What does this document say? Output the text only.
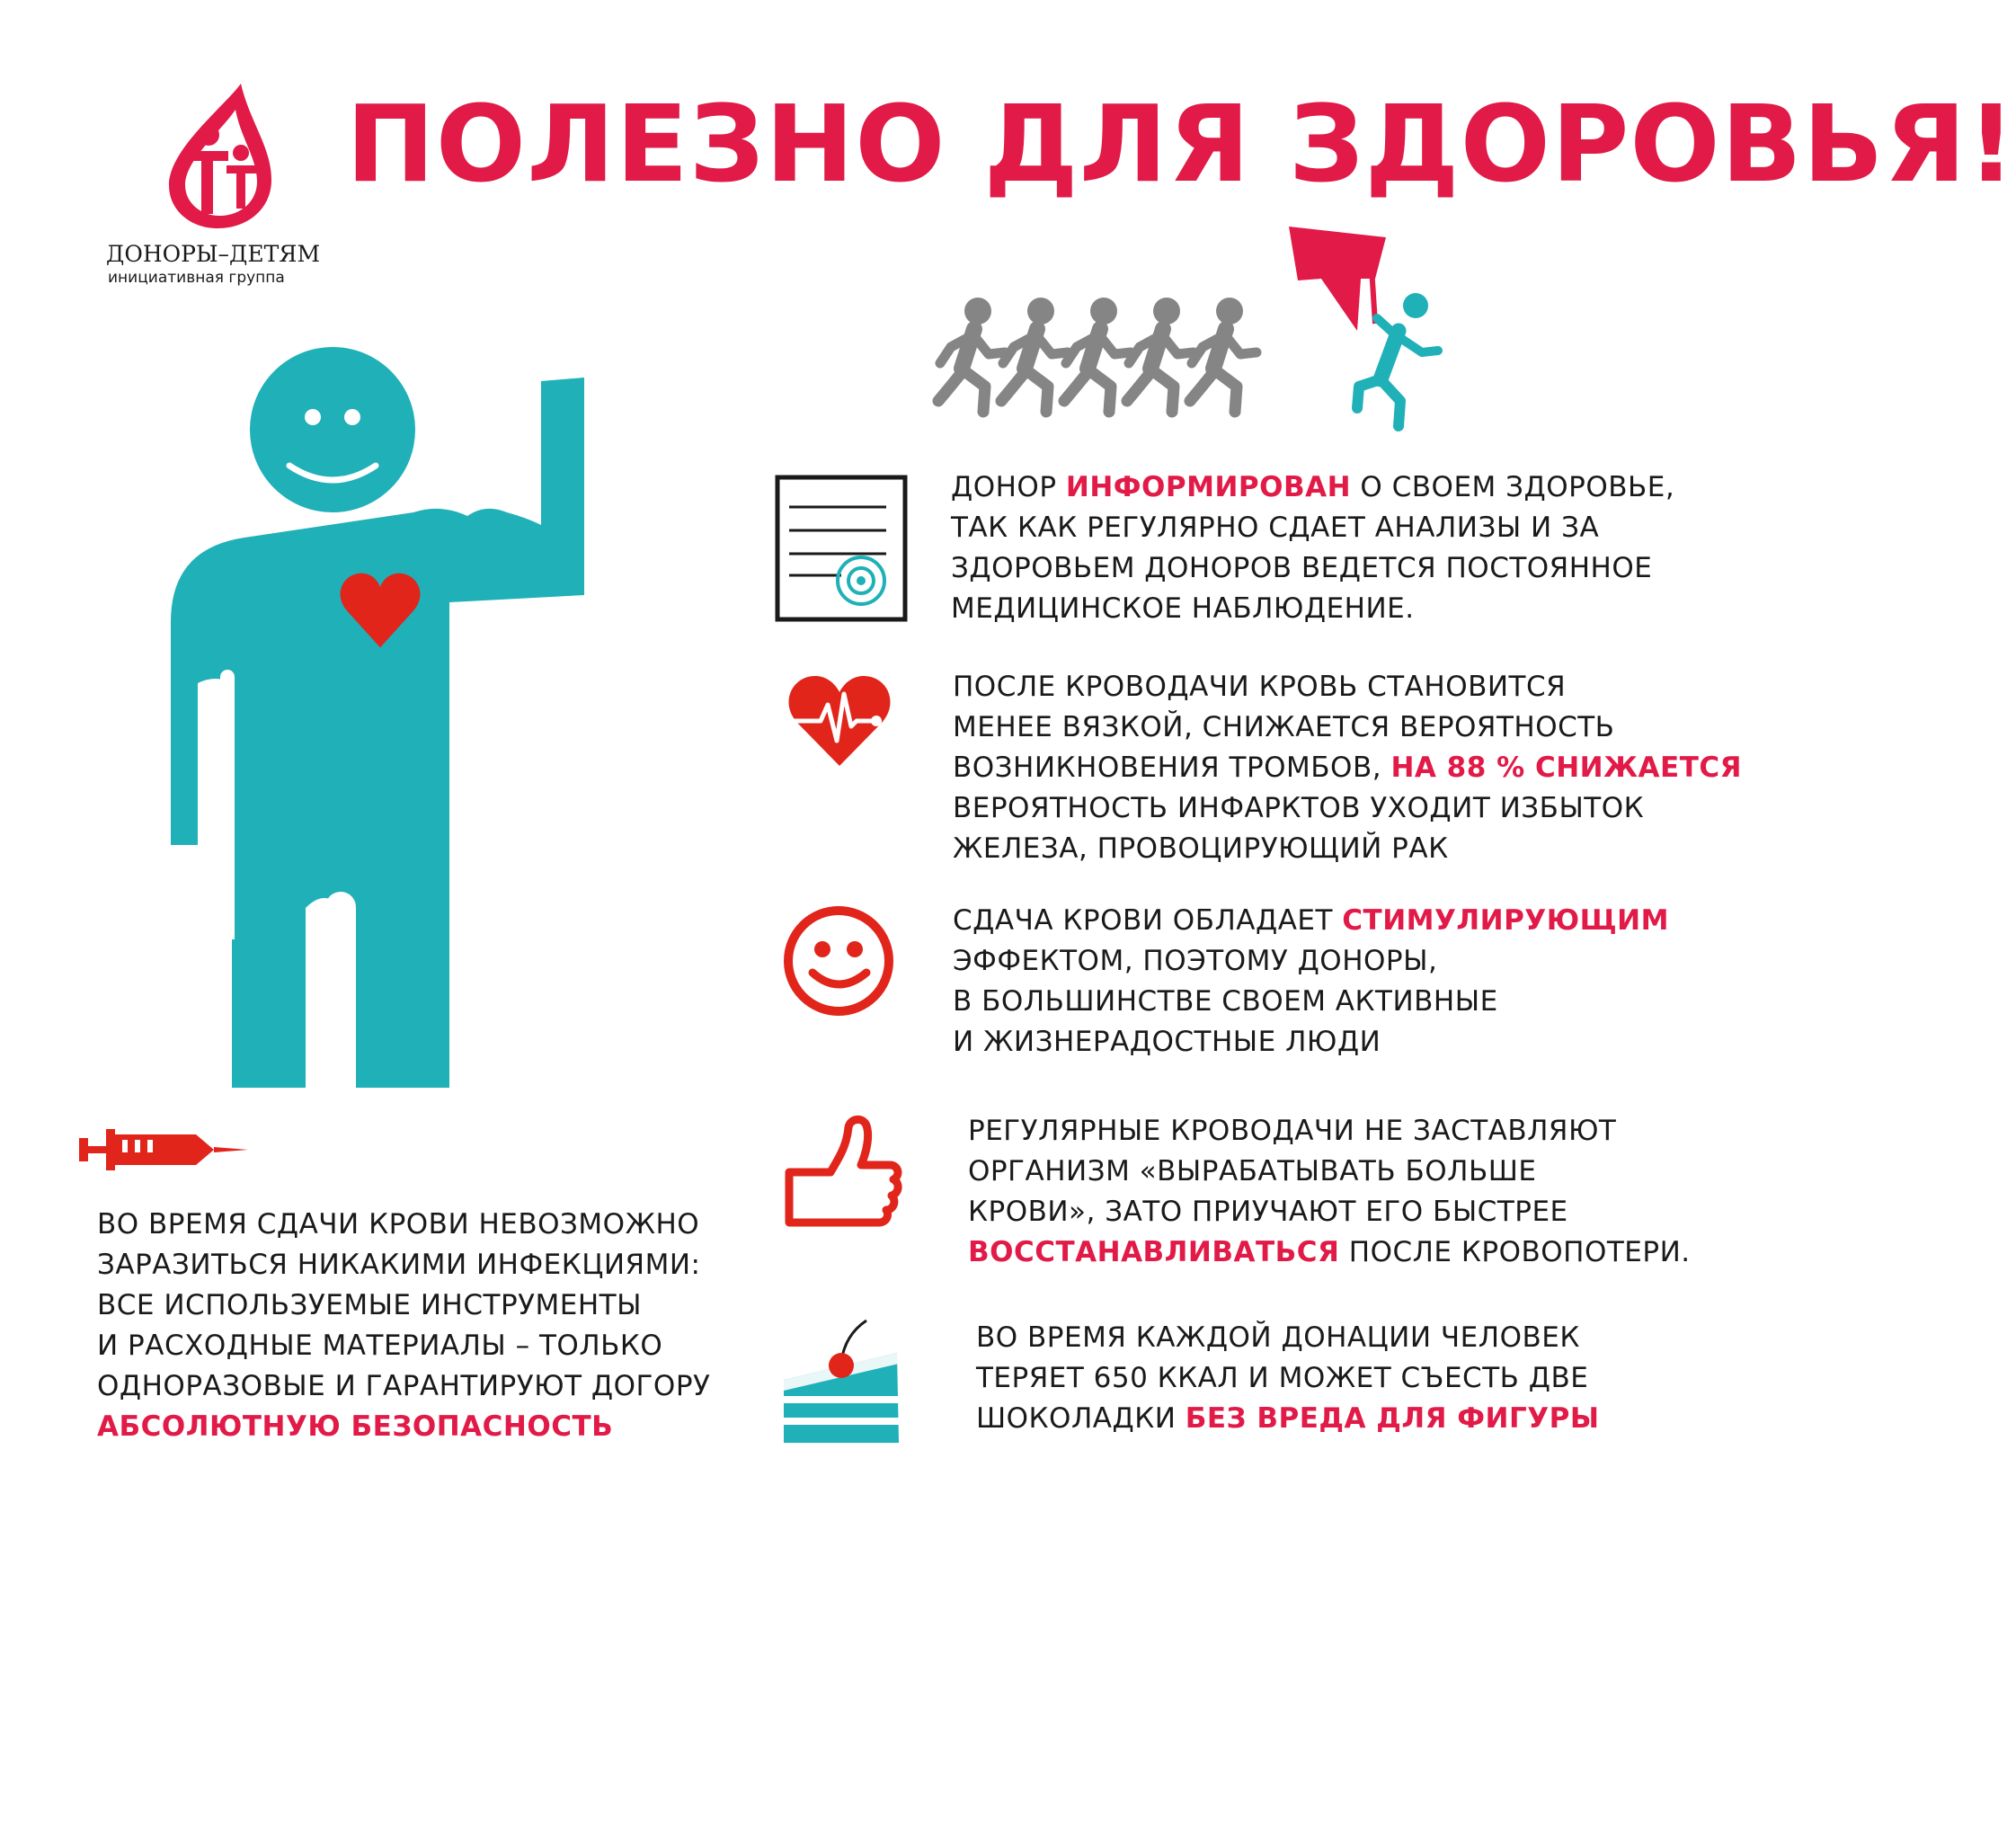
ДОНОРЫ–ДЕТЯМ
инициативная группа
ПОЛЕЗНО ДЛЯ ЗДОРОВЬЯ!
ДОНОР ИНФОРМИРОВАН О СВОЕМ ЗДОРОВЬЕ,
ТАК КАК РЕГУЛЯРНО СДАЕТ АНАЛИЗЫ И ЗА
ЗДОРОВЬЕМ ДОНОРОВ ВЕДЕТСЯ ПОСТОЯННОЕ
МЕДИЦИНСКОЕ НАБЛЮДЕНИЕ.
ПОСЛЕ КРОВОДАЧИ КРОВЬ СТАНОВИТСЯ
МЕНЕЕ ВЯЗКОЙ, СНИЖАЕТСЯ ВЕРОЯТНОСТЬ
ВОЗНИКНОВЕНИЯ ТРОМБОВ, НА 88 % СНИЖАЕТСЯ
ВЕРОЯТНОСТЬ ИНФАРКТОВ УХОДИТ ИЗБЫТОК
ЖЕЛЕЗА, ПРОВОЦИРУЮЩИЙ РАК
СДАЧА КРОВИ ОБЛАДАЕТ СТИМУЛИРУЮЩИМ
ЭФФЕКТОМ, ПОЭТОМУ ДОНОРЫ,
В БОЛЬШИНСТВЕ СВОЕМ АКТИВНЫЕ
И ЖИЗНЕРАДОСТНЫЕ ЛЮДИ
РЕГУЛЯРНЫЕ КРОВОДАЧИ НЕ ЗАСТАВЛЯЮТ
ОРГАНИЗМ «ВЫРАБАТЫВАТЬ БОЛЬШЕ
КРОВИ», ЗАТО ПРИУЧАЮТ ЕГО БЫСТРЕЕ
ВОССТАНАВЛИВАТЬСЯ ПОСЛЕ КРОВОПОТЕРИ.
ВО ВРЕМЯ КАЖДОЙ ДОНАЦИИ ЧЕЛОВЕК
ТЕРЯЕТ 650 ККАЛ И МОЖЕТ СЪЕСТЬ ДВЕ
ШОКОЛАДКИ БЕЗ ВРЕДА ДЛЯ ФИГУРЫ
ВО ВРЕМЯ СДАЧИ КРОВИ НЕВОЗМОЖНО
ЗАРАЗИТЬСЯ НИКАКИМИ ИНФЕКЦИЯМИ:
ВСЕ ИСПОЛЬЗУЕМЫЕ ИНСТРУМЕНТЫ
И РАСХОДНЫЕ МАТЕРИАЛЫ – ТОЛЬКО
ОДНОРАЗОВЫЕ И ГАРАНТИРУЮТ ДОГОРУ
АБСОЛЮТНУЮ БЕЗОПАСНОСТЬ
